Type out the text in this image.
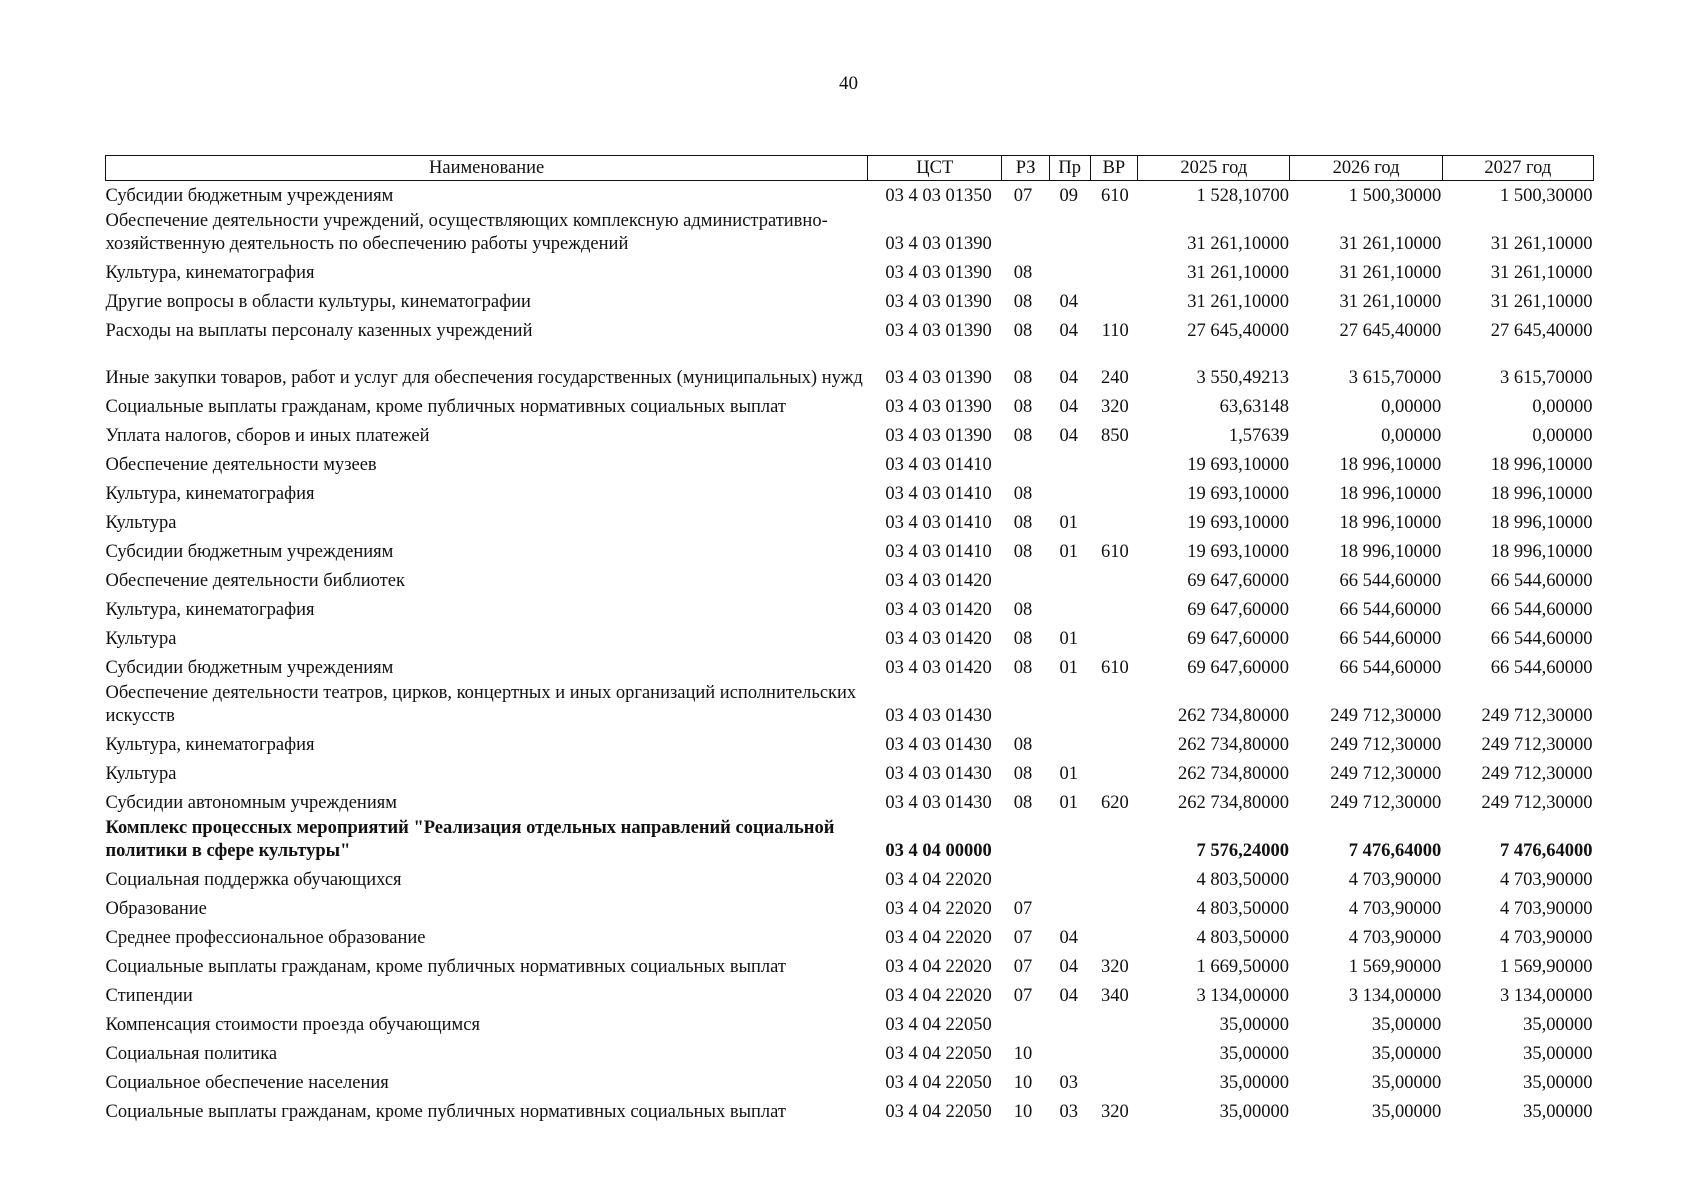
40
Наименование	ЦСТ	РЗ	Пр	ВР	2025 год	2026 год	2027 год
Субсидии бюджетным учреждениям	03 4 03 01350	07	09	610	1 528,10700	1 500,30000	1 500,30000
Обеспечение деятельности учреждений, осуществляющих комплексную административно-хозяйственную деятельность по обеспечению работы учреждений	03 4 03 01390				31 261,10000	31 261,10000	31 261,10000
Культура, кинематография	03 4 03 01390	08			31 261,10000	31 261,10000	31 261,10000
Другие вопросы в области культуры, кинематографии	03 4 03 01390	08	04		31 261,10000	31 261,10000	31 261,10000
Расходы на выплаты персоналу казенных учреждений	03 4 03 01390	08	04	110	27 645,40000	27 645,40000	27 645,40000
Иные закупки товаров, работ и услуг для обеспечения государственных (муниципальных) нужд	03 4 03 01390	08	04	240	3 550,49213	3 615,70000	3 615,70000
Социальные выплаты гражданам, кроме публичных нормативных социальных выплат	03 4 03 01390	08	04	320	63,63148	0,00000	0,00000
Уплата налогов, сборов и иных платежей	03 4 03 01390	08	04	850	1,57639	0,00000	0,00000
Обеспечение деятельности музеев	03 4 03 01410				19 693,10000	18 996,10000	18 996,10000
Культура, кинематография	03 4 03 01410	08			19 693,10000	18 996,10000	18 996,10000
Культура	03 4 03 01410	08	01		19 693,10000	18 996,10000	18 996,10000
Субсидии бюджетным учреждениям	03 4 03 01410	08	01	610	19 693,10000	18 996,10000	18 996,10000
Обеспечение деятельности библиотек	03 4 03 01420				69 647,60000	66 544,60000	66 544,60000
Культура, кинематография	03 4 03 01420	08			69 647,60000	66 544,60000	66 544,60000
Культура	03 4 03 01420	08	01		69 647,60000	66 544,60000	66 544,60000
Субсидии бюджетным учреждениям	03 4 03 01420	08	01	610	69 647,60000	66 544,60000	66 544,60000
Обеспечение деятельности театров, цирков, концертных и иных организаций исполнительских искусств	03 4 03 01430				262 734,80000	249 712,30000	249 712,30000
Культура, кинематография	03 4 03 01430	08			262 734,80000	249 712,30000	249 712,30000
Культура	03 4 03 01430	08	01		262 734,80000	249 712,30000	249 712,30000
Субсидии автономным учреждениям	03 4 03 01430	08	01	620	262 734,80000	249 712,30000	249 712,30000
Комплекс процессных мероприятий "Реализация отдельных направлений социальной политики в сфере культуры"	03 4 04 00000				7 576,24000	7 476,64000	7 476,64000
Социальная поддержка обучающихся	03 4 04 22020				4 803,50000	4 703,90000	4 703,90000
Образование	03 4 04 22020	07			4 803,50000	4 703,90000	4 703,90000
Среднее профессиональное образование	03 4 04 22020	07	04		4 803,50000	4 703,90000	4 703,90000
Социальные выплаты гражданам, кроме публичных нормативных социальных выплат	03 4 04 22020	07	04	320	1 669,50000	1 569,90000	1 569,90000
Стипендии	03 4 04 22020	07	04	340	3 134,00000	3 134,00000	3 134,00000
Компенсация стоимости проезда обучающимся	03 4 04 22050				35,00000	35,00000	35,00000
Социальная политика	03 4 04 22050	10			35,00000	35,00000	35,00000
Социальное обеспечение населения	03 4 04 22050	10	03		35,00000	35,00000	35,00000
Социальные выплаты гражданам, кроме публичных нормативных социальных выплат	03 4 04 22050	10	03	320	35,00000	35,00000	35,00000
